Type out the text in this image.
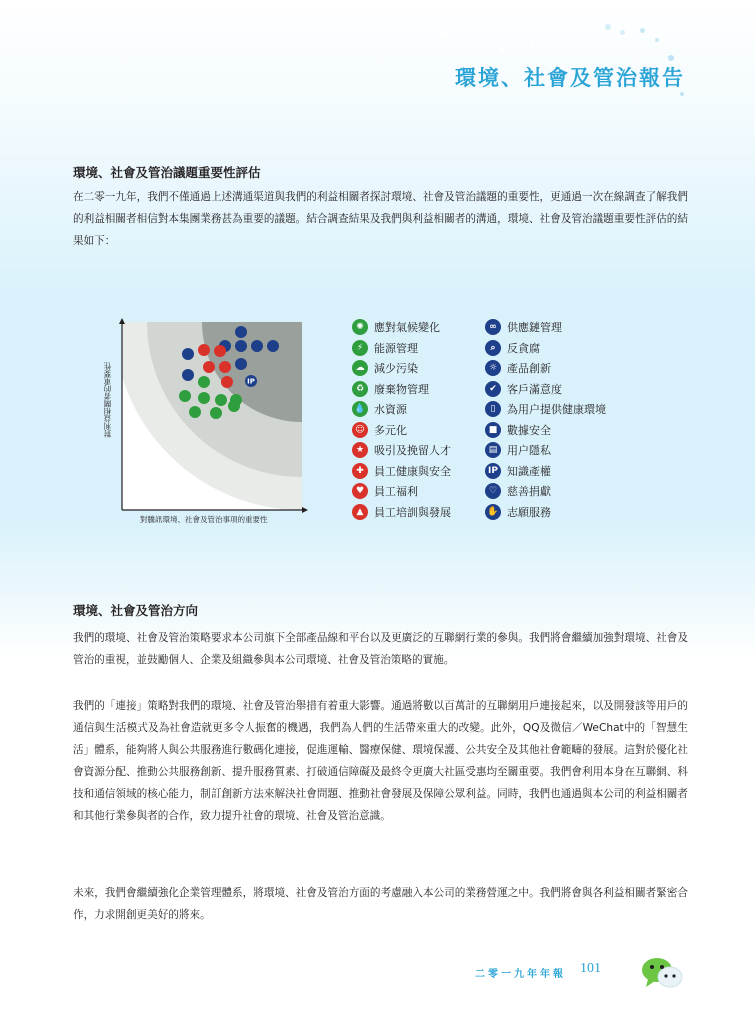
環境、社會及管治報告
環境、社會及管治議題重要性評估

在二零一九年，我們不僅通過上述溝通渠道與我們的利益相關者探討環境、社會及管治議題的重要性，更通過一次在線調查了解我們的利益相關者相信對本集團業務甚為重要的議題。結合調查結果及我們與利益相關者的溝通，環境、社會及管治議題重要性評估的結果如下：

IP
對利益相關者的重要性
對騰訊環境、社會及管治事項的重要性
✺ 應對氣候變化
⚡ 能源管理
☁ 減少污染
♻ 廢棄物管理
💧 水資源
☺ 多元化
★ 吸引及挽留人才
✚ 員工健康與安全
♥ 員工福利
▲ 員工培訓與發展
∞ 供應鏈管理
⌕	反貪腐
☼ 產品創新
✔ 客戶滿意度
▯	為用户提供健康環境
■ 數據安全
▤ 用户隱私
IP 知識產權
♡ 慈善捐獻
✋ 志願服務
環境、社會及管治方向

我們的環境、社會及管治策略要求本公司旗下全部產品線和平台以及更廣泛的互聯網行業的參與。我們將會繼續加強對環境、社會及管治的重視，並鼓勵個人、企業及組織參與本公司環境、社會及管治策略的實施。

我們的「連接」策略對我們的環境、社會及管治舉措有着重大影響。通過將數以百萬計的互聯網用戶連接起來，以及開發該等用戶的通信與生活模式及為社會造就更多令人振奮的機遇，我們為人們的生活帶來重大的改變。此外，QQ及微信／WeChat中的「智慧生活」體系，能夠將人與公共服務進行數碼化連接，促進運輸、醫療保健、環境保護、公共安全及其他社會範疇的發展。這對於優化社會資源分配、推動公共服務創新、提升服務質素、打破通信障礙及最終令更廣大社區受惠均至關重要。我們會利用本身在互聯網、科技和通信領域的核心能力，制訂創新方法來解決社會問題、推動社會發展及保障公眾利益。同時，我們也通過與本公司的利益相關者和其他行業參與者的合作，致力提升社會的環境、社會及管治意識。

未來，我們會繼續強化企業管理體系，將環境、社會及管治方面的考慮融入本公司的業務營運之中。我們將會與各利益相關者緊密合作，力求開創更美好的將來。

二零一九年年報 101
